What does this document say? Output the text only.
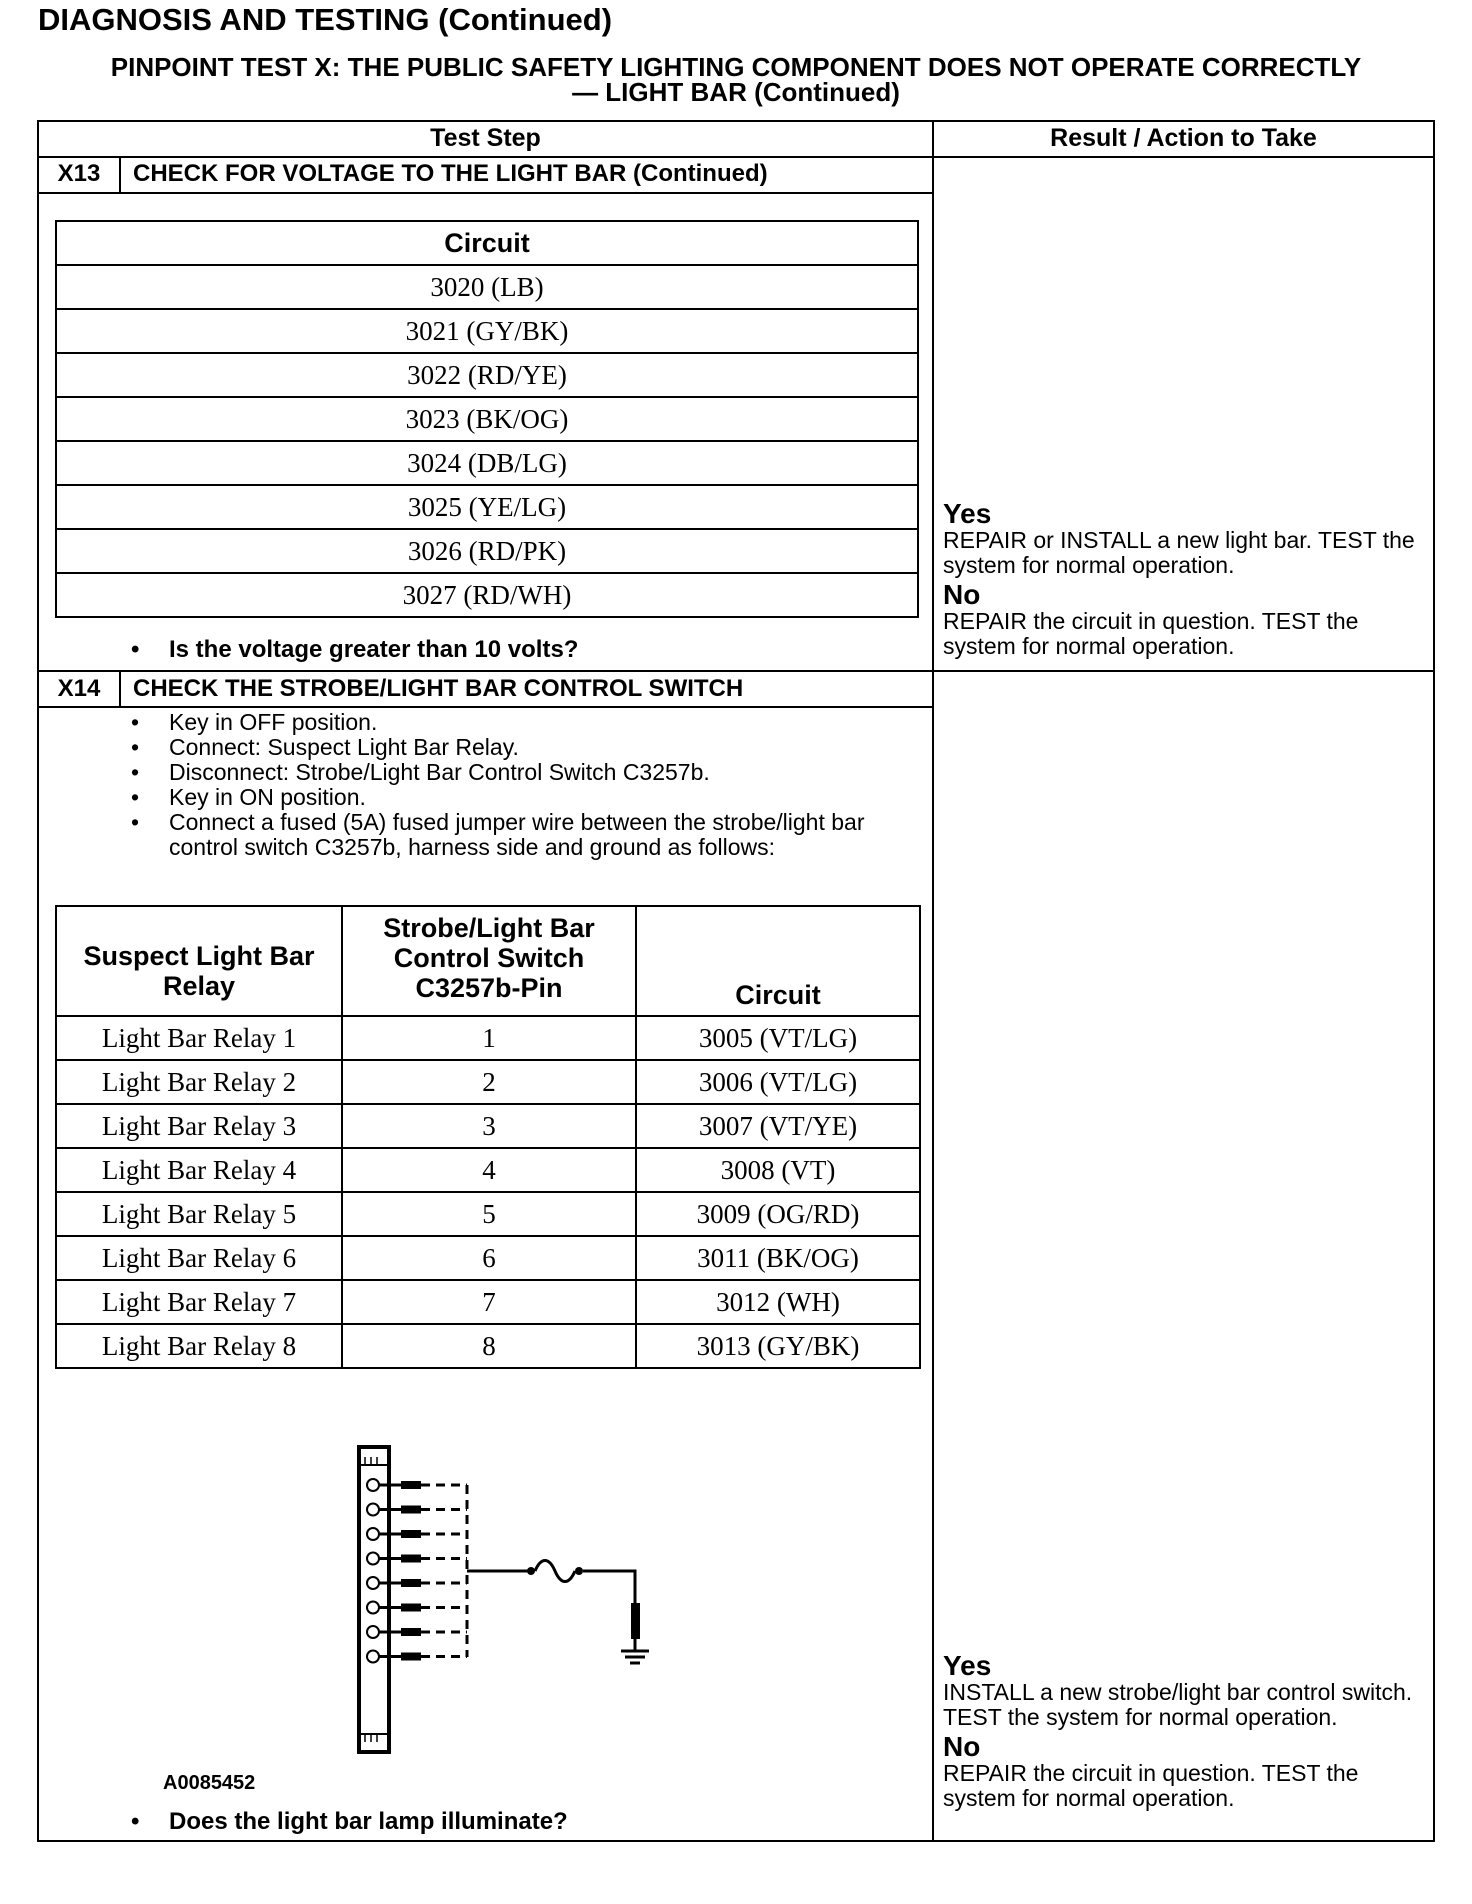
DIAGNOSIS AND TESTING (Continued)
PINPOINT TEST X: THE PUBLIC SAFETY LIGHTING COMPONENT DOES NOT OPERATE CORRECTLY
— LIGHT BAR (Continued)
Test Step	Result / Action to Take
X13	CHECK FOR VOLTAGE TO THE LIGHT BAR (Continued)
Circuit
3020 (LB)
3021 (GY/BK)
3022 (RD/YE)
3023 (BK/OG)
3024 (DB/LG)
3025 (YE/LG)
3026 (RD/PK)
3027 (RD/WH)
• Is the voltage greater than 10 volts?
Yes
REPAIR or INSTALL a new light bar. TEST the system for normal operation.
No
REPAIR the circuit in question. TEST the system for normal operation.
X14	CHECK THE STROBE/LIGHT BAR CONTROL SWITCH
• Key in OFF position.
• Connect: Suspect Light Bar Relay.
• Disconnect: Strobe/Light Bar Control Switch C3257b.
• Key in ON position.
• Connect a fused (5A) fused jumper wire between the strobe/light bar control switch C3257b, harness side and ground as follows:
Suspect Light Bar Relay	Strobe/Light Bar Control Switch C3257b-Pin	Circuit
Light Bar Relay 1	1	3005 (VT/LG)
Light Bar Relay 2	2	3006 (VT/LG)
Light Bar Relay 3	3	3007 (VT/YE)
Light Bar Relay 4	4	3008 (VT)
Light Bar Relay 5	5	3009 (OG/RD)
Light Bar Relay 6	6	3011 (BK/OG)
Light Bar Relay 7	7	3012 (WH)
Light Bar Relay 8	8	3013 (GY/BK)
A0085452
• Does the light bar lamp illuminate?
Yes
INSTALL a new strobe/light bar control switch. TEST the system for normal operation.
No
REPAIR the circuit in question. TEST the system for normal operation.
